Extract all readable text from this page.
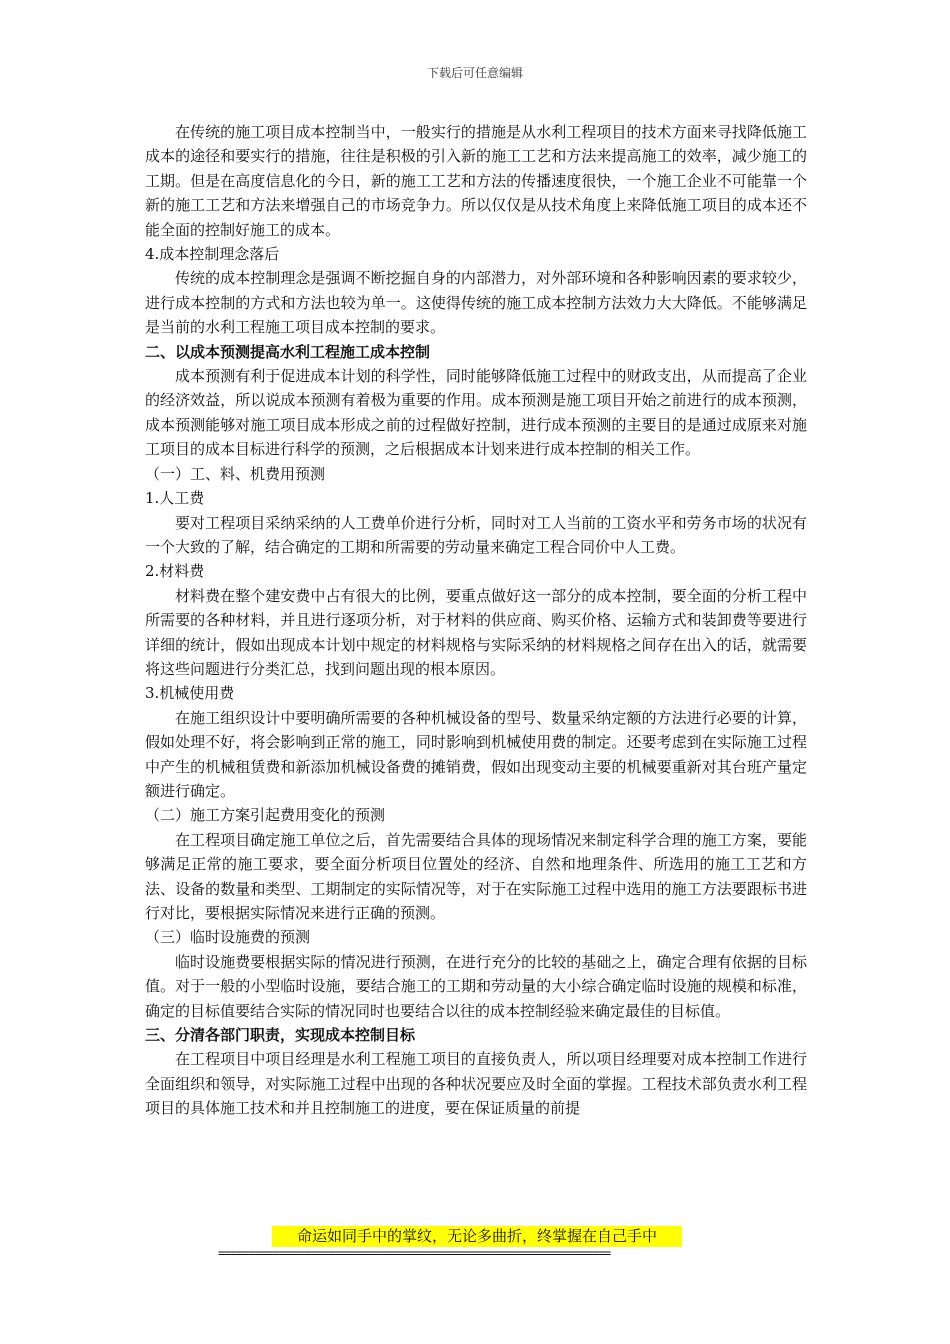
下载后可任意编辑

在传统的施工项目成本控制当中，一般实行的措施是从水利工程项目的技术方面来寻找降低施工成本的途径和要实行的措施，往往是积极的引入新的施工工艺和方法来提高施工的效率，减少施工的工期。但是在高度信息化的今日，新的施工工艺和方法的传播速度很快，一个施工企业不可能靠一个新的施工工艺和方法来增强自己的市场竞争力。所以仅仅是从技术角度上来降低施工项目的成本还不能全面的控制好施工的成本。

4.成本控制理念落后

传统的成本控制理念是强调不断挖掘自身的内部潜力，对外部环境和各种影响因素的要求较少，进行成本控制的方式和方法也较为单一。这使得传统的施工成本控制方法效力大大降低。不能够满足是当前的水利工程施工项目成本控制的要求。

二、以成本预测提高水利工程施工成本控制

成本预测有利于促进成本计划的科学性，同时能够降低施工过程中的财政支出，从而提高了企业的经济效益，所以说成本预测有着极为重要的作用。成本预测是施工项目开始之前进行的成本预测，成本预测能够对施工项目成本形成之前的过程做好控制，进行成本预测的主要目的是通过成原来对施工项目的成本目标进行科学的预测，之后根据成本计划来进行成本控制的相关工作。

（一）工、料、机费用预测

1.人工费

要对工程项目采纳采纳的人工费单价进行分析，同时对工人当前的工资水平和劳务市场的状况有一个大致的了解，结合确定的工期和所需要的劳动量来确定工程合同价中人工费。

2.材料费

材料费在整个建安费中占有很大的比例，要重点做好这一部分的成本控制，要全面的分析工程中所需要的各种材料，并且进行逐项分析，对于材料的供应商、购买价格、运输方式和装卸费等要进行详细的统计，假如出现成本计划中规定的材料规格与实际采纳的材料规格之间存在出入的话，就需要将这些问题进行分类汇总，找到问题出现的根本原因。

3.机械使用费

在施工组织设计中要明确所需要的各种机械设备的型号、数量采纳定额的方法进行必要的计算，假如处理不好，将会影响到正常的施工，同时影响到机械使用费的制定。还要考虑到在实际施工过程中产生的机械租赁费和新添加机械设备费的摊销费，假如出现变动主要的机械要重新对其台班产量定额进行确定。

（二）施工方案引起费用变化的预测

在工程项目确定施工单位之后，首先需要结合具体的现场情况来制定科学合理的施工方案，要能够满足正常的施工要求，要全面分析项目位置处的经济、自然和地理条件、所选用的施工工艺和方法、设备的数量和类型、工期制定的实际情况等，对于在实际施工过程中选用的施工方法要跟标书进行对比，要根据实际情况来进行正确的预测。

（三）临时设施费的预测

临时设施费要根据实际的情况进行预测，在进行充分的比较的基础之上，确定合理有依据的目标值。对于一般的小型临时设施，要结合施工的工期和劳动量的大小综合确定临时设施的规模和标准，确定的目标值要结合实际的情况同时也要结合以往的成本控制经验来确定最佳的目标值。

三、分清各部门职责，实现成本控制目标

在工程项目中项目经理是水利工程施工项目的直接负责人，所以项目经理要对成本控制工作进行全面组织和领导，对实际施工过程中出现的各种状况要应及时全面的掌握。工程技术部负责水利工程项目的具体施工技术和并且控制施工的进度，要在保证质量的前提

命运如同手中的掌纹，无论多曲折，终掌握在自己手中
================================================================
